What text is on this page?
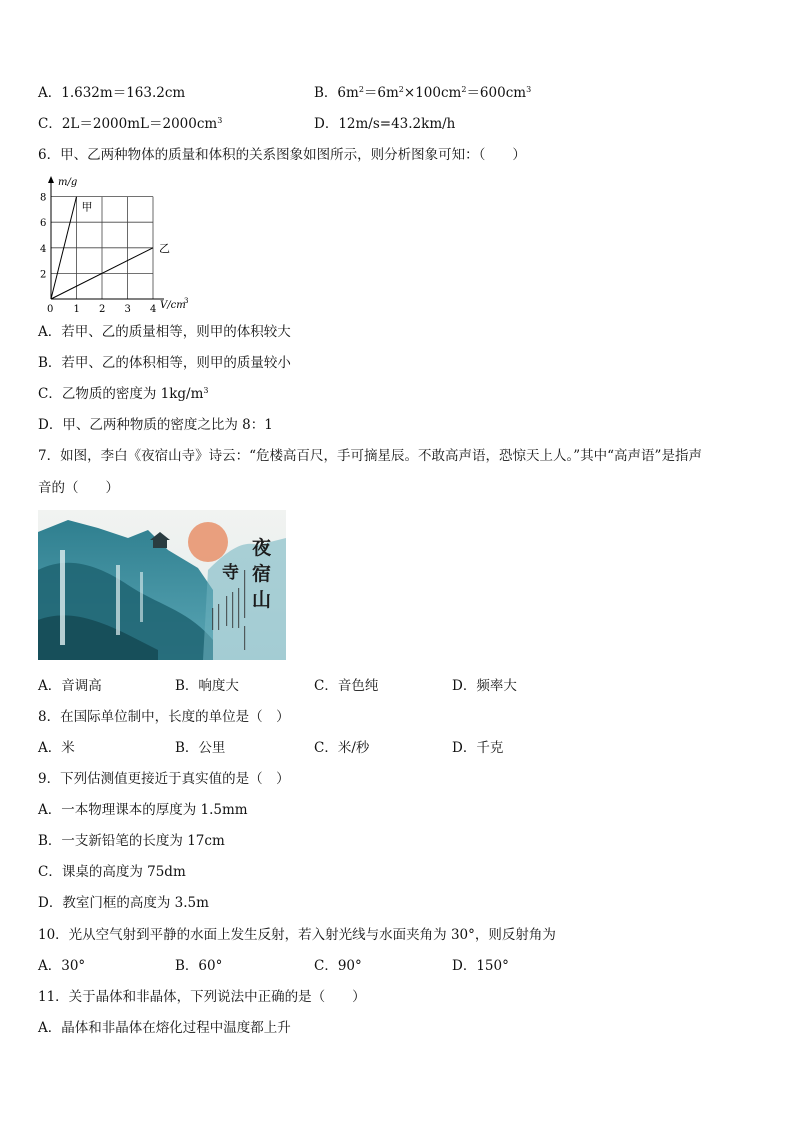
A．1.632m＝163.2cm	B．$6m^2=6m^2\times 100cm^2=600cm^3$
C．$2L=2000mL=2000cm^3$	D．12m/s=43.2km/h
6．甲、乙两种物体的质量和体积的关系图象如图所示，则分析图象可知：（　　）
甲
乙
0 1 2 3 4
2
4
6
8
m/g
V/cm
3
A．若甲、乙的质量相等，则甲的体积较大
B．若甲、乙的体积相等，则甲的质量较小
C．乙物质的密度为 $1kg/m^3$
D．甲、乙两种物质的密度之比为 8：1
7．如图，李白《夜宿山寺》诗云：“危楼高百尺，手可摘星辰。不敢高声语，恐惊天上人。”其中“高声语”是指声
音的（　　）
夜
宿
山
寺
A．音调高	B．响度大	C．音色纯	D．频率大
8．在国际单位制中，长度的单位是（　）
A．米	B．公里	C．米/秒	D．千克
9．下列估测值更接近于真实值的是（　）
A．一本物理课本的厚度为 1.5mm
B．一支新铅笔的长度为 17cm
C．课桌的高度为 75dm
D．教室门框的高度为 3.5m
10．光从空气射到平静的水面上发生反射，若入射光线与水面夹角为 30°，则反射角为
A．30°	B．60°	C．90°	D．150°
11．关于晶体和非晶体，下列说法中正确的是（　　）
A．晶体和非晶体在熔化过程中温度都上升
